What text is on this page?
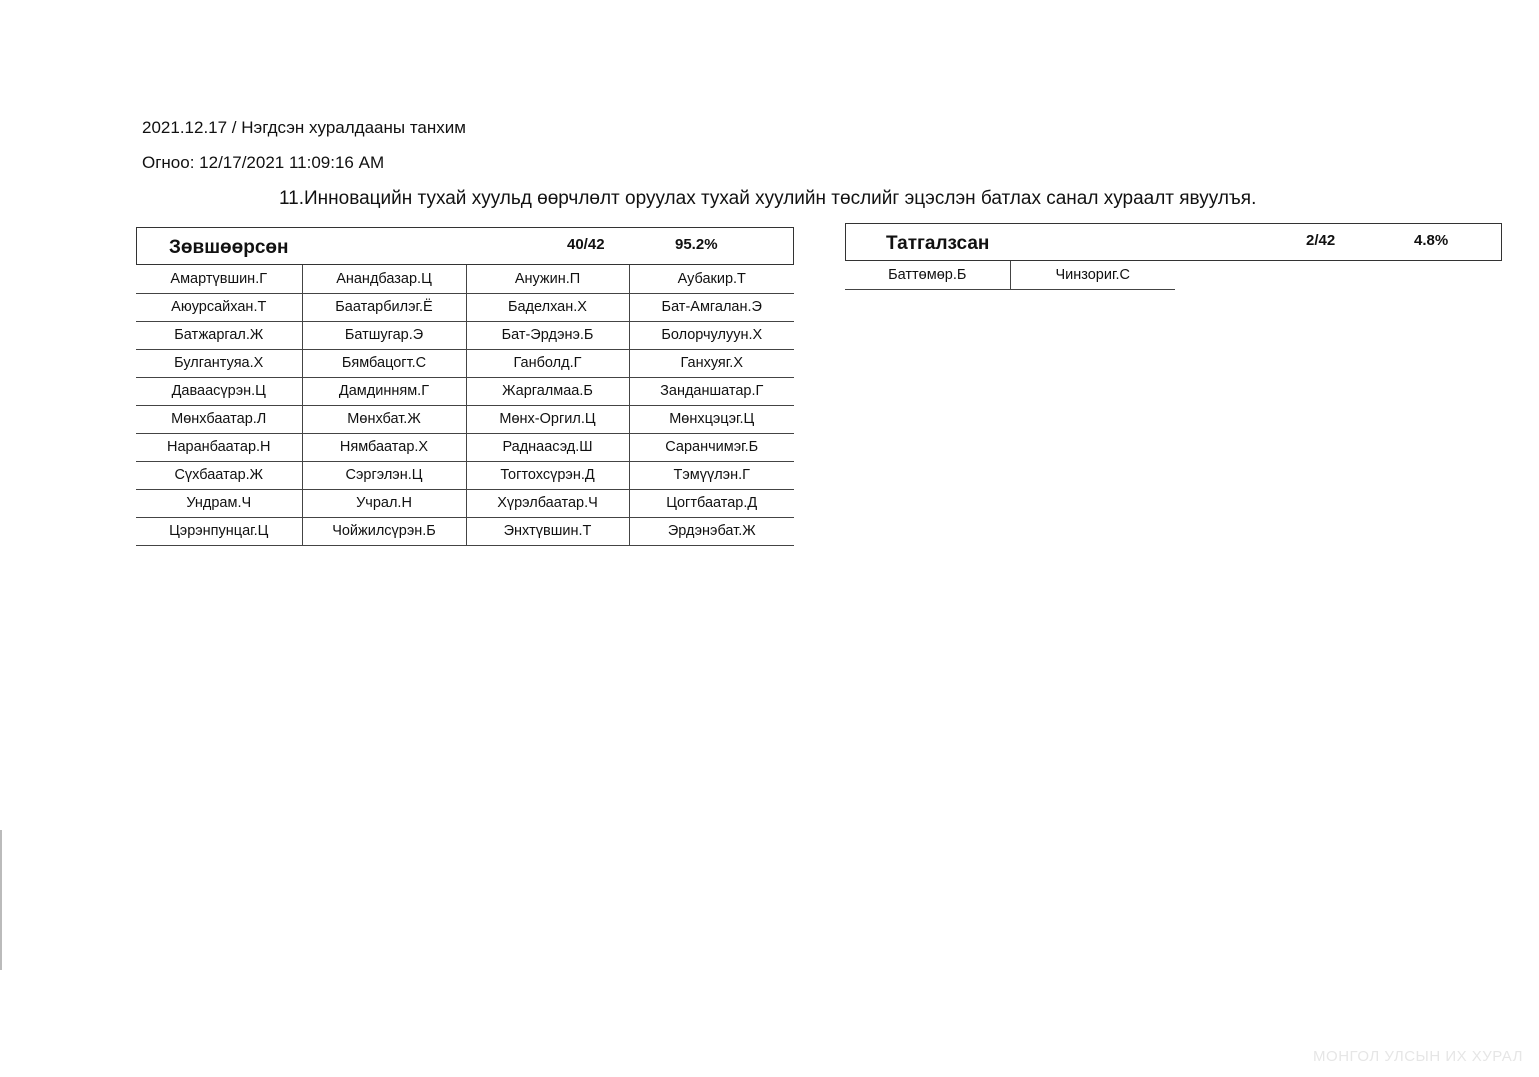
2021.12.17 / Нэгдсэн хуралдааны танхим
Огноо: 12/17/2021 11:09:16 AM
11.Инновацийн тухай хуульд өөрчлөлт оруулах тухай хуулийн төслийг эцэслэн батлах санал хураалт явуулъя.
Зөвшөөрсөн	40/42	95.2%
Амартүвшин.Г	Анандбазар.Ц	Анужин.П	Аубакир.Т
Аюурсайхан.Т	Баатарбилэг.Ё	Баделхан.Х	Бат-Амгалан.Э
Батжаргал.Ж	Батшугар.Э	Бат-Эрдэнэ.Б	Болорчулуун.Х
Булгантуяа.Х	Бямбацогт.С	Ганболд.Г	Ганхуяг.Х
Даваасүрэн.Ц	Дамдинням.Г	Жаргалмаа.Б	Занданшатар.Г
Мөнхбаатар.Л	Мөнхбат.Ж	Мөнх-Оргил.Ц	Мөнхцэцэг.Ц
Наранбаатар.Н	Нямбаатар.Х	Раднаасэд.Ш	Саранчимэг.Б
Сүхбаатар.Ж	Сэргэлэн.Ц	Тогтохсүрэн.Д	Тэмүүлэн.Г
Ундрам.Ч	Учрал.Н	Хүрэлбаатар.Ч	Цогтбаатар.Д
Цэрэнпунцаг.Ц	Чойжилсүрэн.Б	Энхтүвшин.Т	Эрдэнэбат.Ж
Татгалзсан	2/42	4.8%
Баттөмөр.Б	Чинзориг.С
МОНГОЛ УЛСЫН ИХ ХУРАЛ
